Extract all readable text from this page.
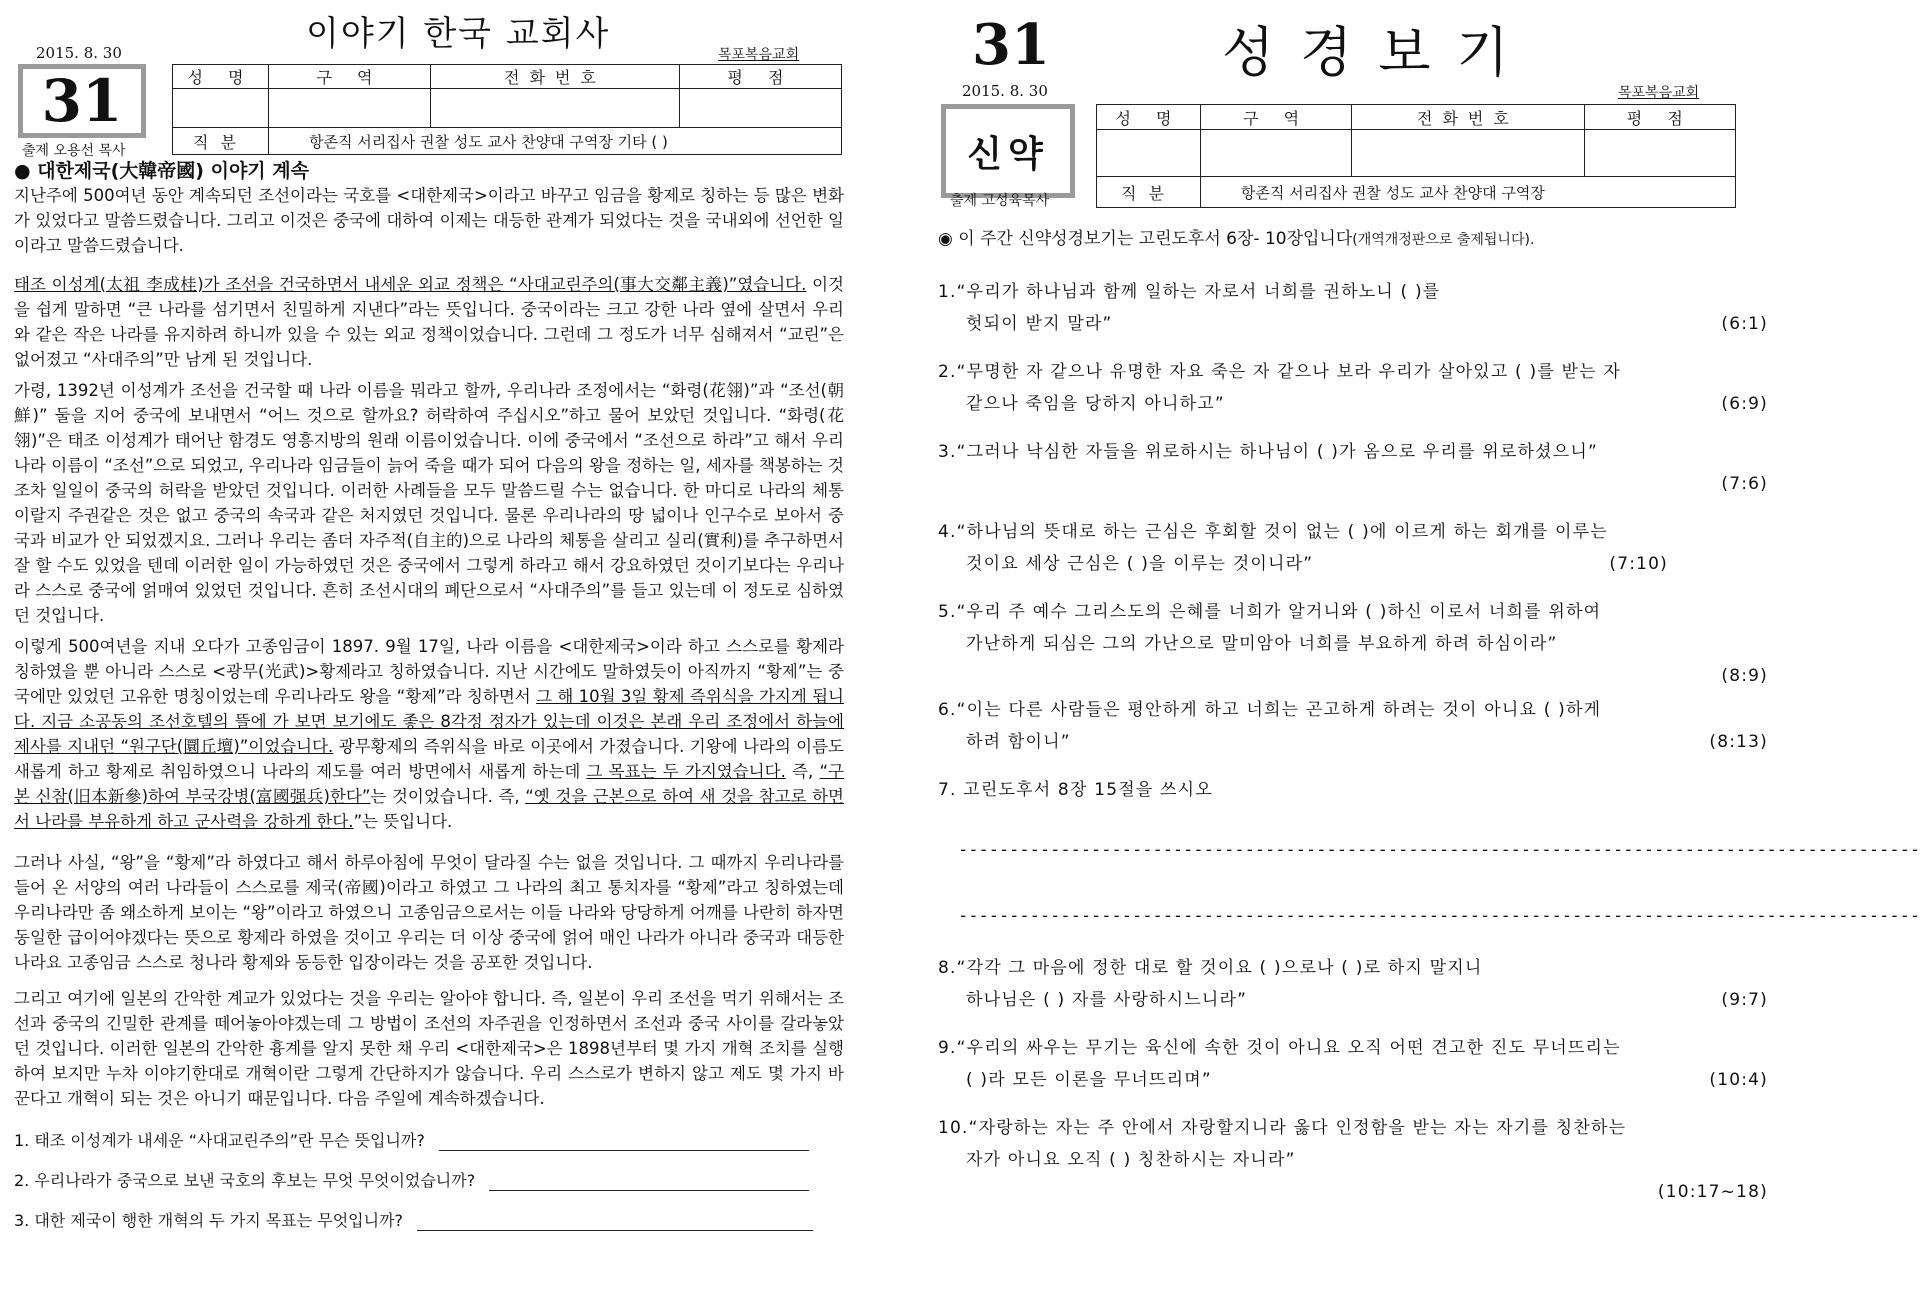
이야기 한국 교회사
2015. 8. 30	목포복음교회
31
출제 오용선 목사
성 명	구 역	전화번호	평 점

직분	항존직 서리집사 권찰 성도 교사 찬양대 구역장 기타 ( )		
● 대한제국(大韓帝國) 이야기 계속
지난주에 500여년 동안 계속되던 조선이라는 국호를 <대한제국>이라고 바꾸고 임금을 황제로 칭하는 등 많은 변화가 있었다고 말씀드렸습니다. 그리고 이것은 중국에 대하여 이제는 대등한 관계가 되었다는 것을 국내외에 선언한 일이라고 말씀드렸습니다.
태조 이성계(太祖 李成桂)가 조선을 건국하면서 내세운 외교 정책은 “사대교린주의(事大交鄰主義)”였습니다. 이것을 쉽게 말하면 “큰 나라를 섬기면서 친밀하게 지낸다”라는 뜻입니다. 중국이라는 크고 강한 나라 옆에 살면서 우리와 같은 작은 나라를 유지하려 하니까 있을 수 있는 외교 정책이었습니다. 그런데 그 정도가 너무 심해져서 “교린”은 없어졌고 “사대주의”만 남게 된 것입니다.
가령, 1392년 이성계가 조선을 건국할 때 나라 이름을 뭐라고 할까, 우리나라 조정에서는 “화령(花翎)”과 “조선(朝鮮)” 둘을 지어 중국에 보내면서 “어느 것으로 할까요? 허락하여 주십시오”하고 물어 보았던 것입니다. “화령(花翎)”은 태조 이성계가 태어난 함경도 영흥지방의 원래 이름이었습니다. 이에 중국에서 “조선으로 하라”고 해서 우리나라 이름이 “조선”으로 되었고, 우리나라 임금들이 늙어 죽을 때가 되어 다음의 왕을 정하는 일, 세자를 책봉하는 것조차 일일이 중국의 허락을 받았던 것입니다. 이러한 사례들을 모두 말씀드릴 수는 없습니다. 한 마디로 나라의 체통이랄지 주권같은 것은 없고 중국의 속국과 같은 처지였던 것입니다. 물론 우리나라의 땅 넓이나 인구수로 보아서 중국과 비교가 안 되었겠지요. 그러나 우리는 좀더 자주적(自主的)으로 나라의 체통을 살리고 실리(實利)를 추구하면서 잘 할 수도 있었을 텐데 이러한 일이 가능하였던 것은 중국에서 그렇게 하라고 해서 강요하였던 것이기보다는 우리나라 스스로 중국에 얽매여 있었던 것입니다. 흔히 조선시대의 폐단으로서 “사대주의”를 들고 있는데 이 정도로 심하였던 것입니다.
이렇게 500여년을 지내 오다가 고종임금이 1897. 9월 17일, 나라 이름을 <대한제국>이라 하고 스스로를 황제라 칭하였을 뿐 아니라 스스로 <광무(光武)>황제라고 칭하였습니다. 지난 시간에도 말하였듯이 아직까지 “황제”는 중국에만 있었던 고유한 명칭이었는데 우리나라도 왕을 “황제”라 칭하면서 그 해 10월 3일 황제 즉위식을 가지게 됩니다. 지금 소공동의 조선호텔의 뜰에 가 보면 보기에도 좋은 8각정 정자가 있는데 이것은 본래 우리 조정에서 하늘에 제사를 지내던 “원구단(圜丘壇)”이었습니다. 광무황제의 즉위식을 바로 이곳에서 가졌습니다. 기왕에 나라의 이름도 새롭게 하고 황제로 취임하였으니 나라의 제도를 여러 방면에서 새롭게 하는데 그 목표는 두 가지였습니다. 즉, “구본 신참(旧本新參)하여 부국강병(富國强兵)한다”는 것이었습니다. 즉, “옛 것을 근본으로 하여 새 것을 참고로 하면서 나라를 부유하게 하고 군사력을 강하게 한다.”는 뜻입니다.
그러나 사실, “왕”을 “황제”라 하였다고 해서 하루아침에 무엇이 달라질 수는 없을 것입니다. 그 때까지 우리나라를 들어 온 서양의 여러 나라들이 스스로를 제국(帝國)이라고 하였고 그 나라의 최고 통치자를 “황제”라고 칭하였는데 우리나라만 좀 왜소하게 보이는 “왕”이라고 하였으니 고종임금으로서는 이들 나라와 당당하게 어깨를 나란히 하자면 동일한 급이어야겠다는 뜻으로 황제라 하였을 것이고 우리는 더 이상 중국에 얽어 매인 나라가 아니라 중국과 대등한 나라요 고종임금 스스로 청나라 황제와 동등한 입장이라는 것을 공포한 것입니다.
그리고 여기에 일본의 간악한 계교가 있었다는 것을 우리는 알아야 합니다. 즉, 일본이 우리 조선을 먹기 위해서는 조선과 중국의 긴밀한 관계를 떼어놓아야겠는데 그 방법이 조선의 자주권을 인정하면서 조선과 중국 사이를 갈라놓았던 것입니다. 이러한 일본의 간악한 흉계를 알지 못한 채 우리 <대한제국>은 1898년부터 몇 가지 개혁 조치를 실행하여 보지만 누차 이야기한대로 개혁이란 그렇게 간단하지가 않습니다. 우리 스스로가 변하지 않고 제도 몇 가지 바꾼다고 개혁이 되는 것은 아니기 때문입니다. 다음 주일에 계속하겠습니다.
1. 태조 이성계가 내세운 “사대교린주의”란 무슨 뜻입니까?
2. 우리나라가 중국으로 보낸 국호의 후보는 무엇 무엇이었습니까?
3. 대한 제국이 행한 개혁의 두 가지 목표는 무엇입니까?
31	성경보기
2015. 8. 30	목포복음교회
신약
출제 고성육목사
성 명	구 역	전화번호	평 점

직분	항존직 서리집사 권찰 성도 교사 찬양대 구역장		
◉ 이 주간 신약성경보기는 고린도후서 6장- 10장입니다(개역개정판으로 출제됩니다).
1.“우리가 하나님과 함께 일하는 자로서 너희를 권하노니 ( )를
헛되이 받지 말라”	(6:1)
2.“무명한 자 같으나 유명한 자요 죽은 자 같으나 보라 우리가 살아있고 ( )를 받는 자
같으나 죽임을 당하지 아니하고”	(6:9)
3.“그러나 낙심한 자들을 위로하시는 하나님이 ( )가 옴으로 우리를 위로하셨으니”
(7:6)
4.“하나님의 뜻대로 하는 근심은 후회할 것이 없는 ( )에 이르게 하는 회개를 이루는
것이요 세상 근심은 ( )을 이루는 것이니라”	(7:10)
5.“우리 주 예수 그리스도의 은혜를 너희가 알거니와 ( )하신 이로서 너희를 위하여
가난하게 되심은 그의 가난으로 말미암아 너희를 부요하게 하려 하심이라”
(8:9)
6.“이는 다른 사람들은 평안하게 하고 너희는 곤고하게 하려는 것이 아니요 ( )하게
하려 함이니”	(8:13)
7. 고린도후서 8장 15절을 쓰시오
----------------------------------------------------------------------------------------------
----------------------------------------------------------------------------------------------
8.“각각 그 마음에 정한 대로 할 것이요 ( )으로나 ( )로 하지 말지니
하나님은 ( ) 자를 사랑하시느니라”	(9:7)
9.“우리의 싸우는 무기는 육신에 속한 것이 아니요 오직 어떤 견고한 진도 무너뜨리는
( )라 모든 이론을 무너뜨리며”	(10:4)
10.“자랑하는 자는 주 안에서 자랑할지니라 옳다 인정함을 받는 자는 자기를 칭찬하는
자가 아니요 오직 ( ) 칭찬하시는 자니라”
(10:17~18)
